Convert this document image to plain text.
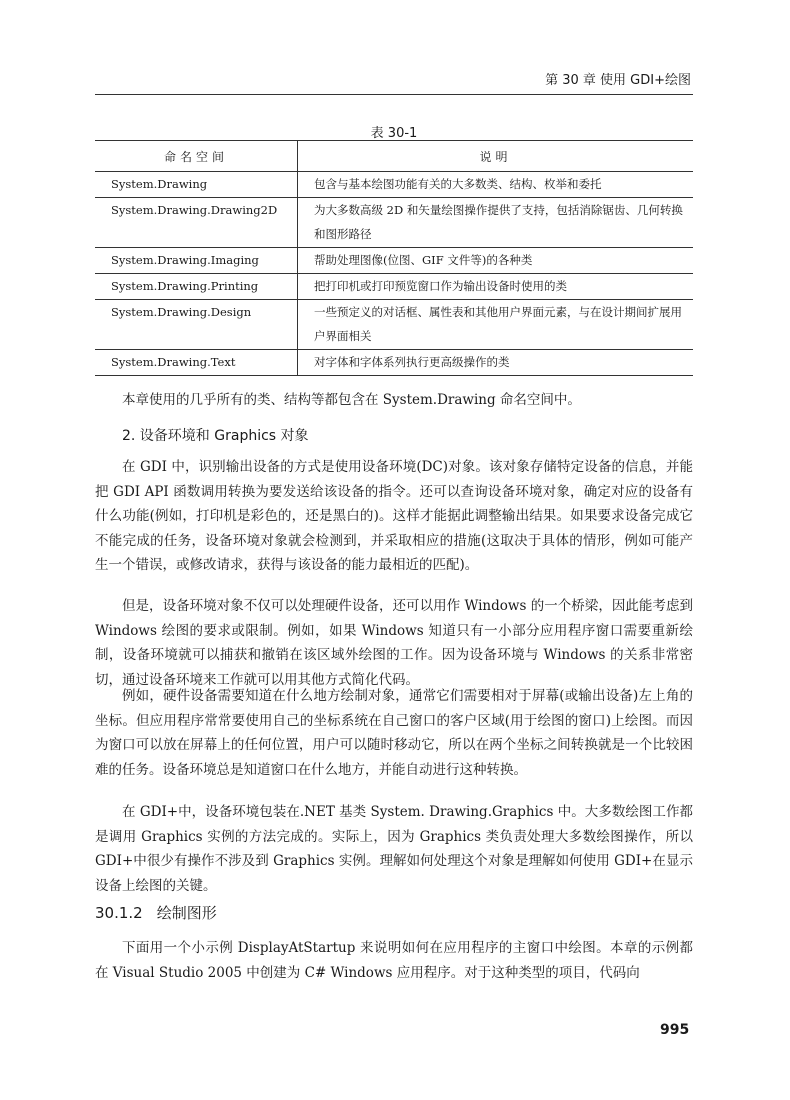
第 30 章 使用 GDI+绘图
表 30-1
命名空间	说明
System.Drawing	包含与基本绘图功能有关的大多数类、结构、枚举和委托
System.Drawing.Drawing2D	为大多数高级 2D 和矢量绘图操作提供了支持，包括消除锯齿、几何转换和图形路径
System.Drawing.Imaging	帮助处理图像(位图、GIF 文件等)的各种类
System.Drawing.Printing	把打印机或打印预览窗口作为输出设备时使用的类
System.Drawing.Design	一些预定义的对话框、属性表和其他用户界面元素，与在设计期间扩展用户界面相关
System.Drawing.Text	对字体和字体系列执行更高级操作的类

本章使用的几乎所有的类、结构等都包含在 System.Drawing 命名空间中。

2. 设备环境和 Graphics 对象

在 GDI 中，识别输出设备的方式是使用设备环境(DC)对象。该对象存储特定设备的信息，并能把 GDI API 函数调用转换为要发送给该设备的指令。还可以查询设备环境对象，确定对应的设备有什么功能(例如，打印机是彩色的，还是黑白的)。这样才能据此调整输出结果。如果要求设备完成它不能完成的任务，设备环境对象就会检测到，并采取相应的措施(这取决于具体的情形，例如可能产生一个错误，或修改请求，获得与该设备的能力最相近的匹配)。

但是，设备环境对象不仅可以处理硬件设备，还可以用作 Windows 的一个桥梁，因此能考虑到 Windows 绘图的要求或限制。例如，如果 Windows 知道只有一小部分应用程序窗口需要重新绘制，设备环境就可以捕获和撤销在该区域外绘图的工作。因为设备环境与 Windows 的关系非常密切，通过设备环境来工作就可以用其他方式简化代码。

例如，硬件设备需要知道在什么地方绘制对象，通常它们需要相对于屏幕(或输出设备)左上角的坐标。但应用程序常常要使用自己的坐标系统在自己窗口的客户区域(用于绘图的窗口)上绘图。而因为窗口可以放在屏幕上的任何位置，用户可以随时移动它，所以在两个坐标之间转换就是一个比较困难的任务。设备环境总是知道窗口在什么地方，并能自动进行这种转换。

在 GDI+中，设备环境包装在.NET 基类 System. Drawing.Graphics 中。大多数绘图工作都是调用 Graphics 实例的方法完成的。实际上，因为 Graphics 类负责处理大多数绘图操作，所以 GDI+中很少有操作不涉及到 Graphics 实例。理解如何处理这个对象是理解如何使用 GDI+在显示设备上绘图的关键。

30.1.2 绘制图形

下面用一个小示例 DisplayAtStartup 来说明如何在应用程序的主窗口中绘图。本章的示例都在 Visual Studio 2005 中创建为 C# Windows 应用程序。对于这种类型的项目，代码向

995
